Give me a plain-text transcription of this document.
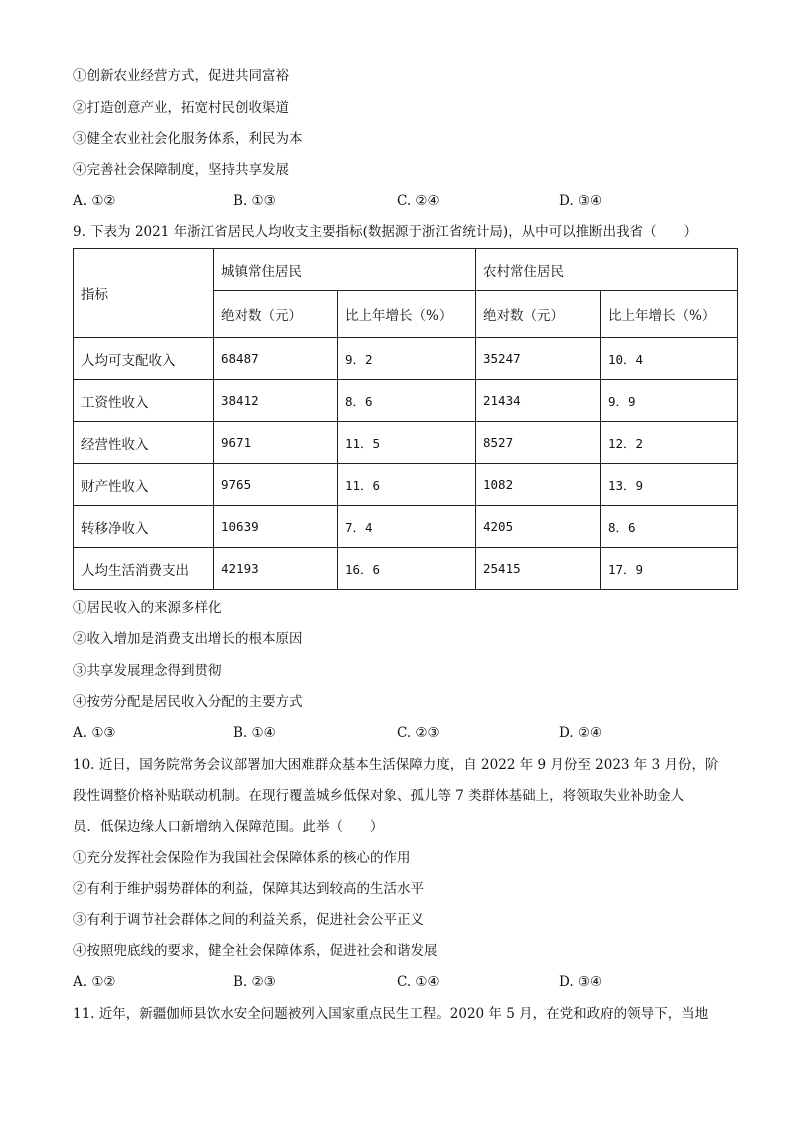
①创新农业经营方式，促进共同富裕
②打造创意产业，拓宽村民创收渠道
③健全农业社会化服务体系，利民为本
④完善社会保障制度，坚持共享发展
A. ①②	B. ①③	C. ②④	D. ③④
9. 下表为 2021 年浙江省居民人均收支主要指标(数据源于浙江省统计局)，从中可以推断出我省（　　）
指标	城镇常住居民		农村常住居民	
	绝对数（元）	比上年增长（%）	绝对数（元）	比上年增长（%）
人均可支配收入	68487	9．2	35247	10．4
工资性收入	38412	8．6	21434	9．9
经营性收入	9671	11．5	8527	12．2
财产性收入	9765	11．6	1082	13．9
转移净收入	10639	7．4	4205	8．6
人均生活消费支出	42193	16．6	25415	17．9
①居民收入的来源多样化
②收入增加是消费支出增长的根本原因
③共享发展理念得到贯彻
④按劳分配是居民收入分配的主要方式
A. ①③	B. ①④	C. ②③	D. ②④
10. 近日，国务院常务会议部署加大困难群众基本生活保障力度，自 2022 年 9 月份至 2023 年 3 月份，阶
段性调整价格补贴联动机制。在现行覆盖城乡低保对象、孤儿等 7 类群体基础上，将领取失业补助金人
员．低保边缘人口新增纳入保障范围。此举（　　）
①充分发挥社会保险作为我国社会保障体系的核心的作用
②有利于维护弱势群体的利益，保障其达到较高的生活水平
③有利于调节社会群体之间的利益关系，促进社会公平正义
④按照兜底线的要求，健全社会保障体系，促进社会和谐发展
A. ①②	B. ②③	C. ①④	D. ③④
11. 近年，新疆伽师县饮水安全问题被列入国家重点民生工程。2020 年 5 月，在党和政府的领导下，当地
